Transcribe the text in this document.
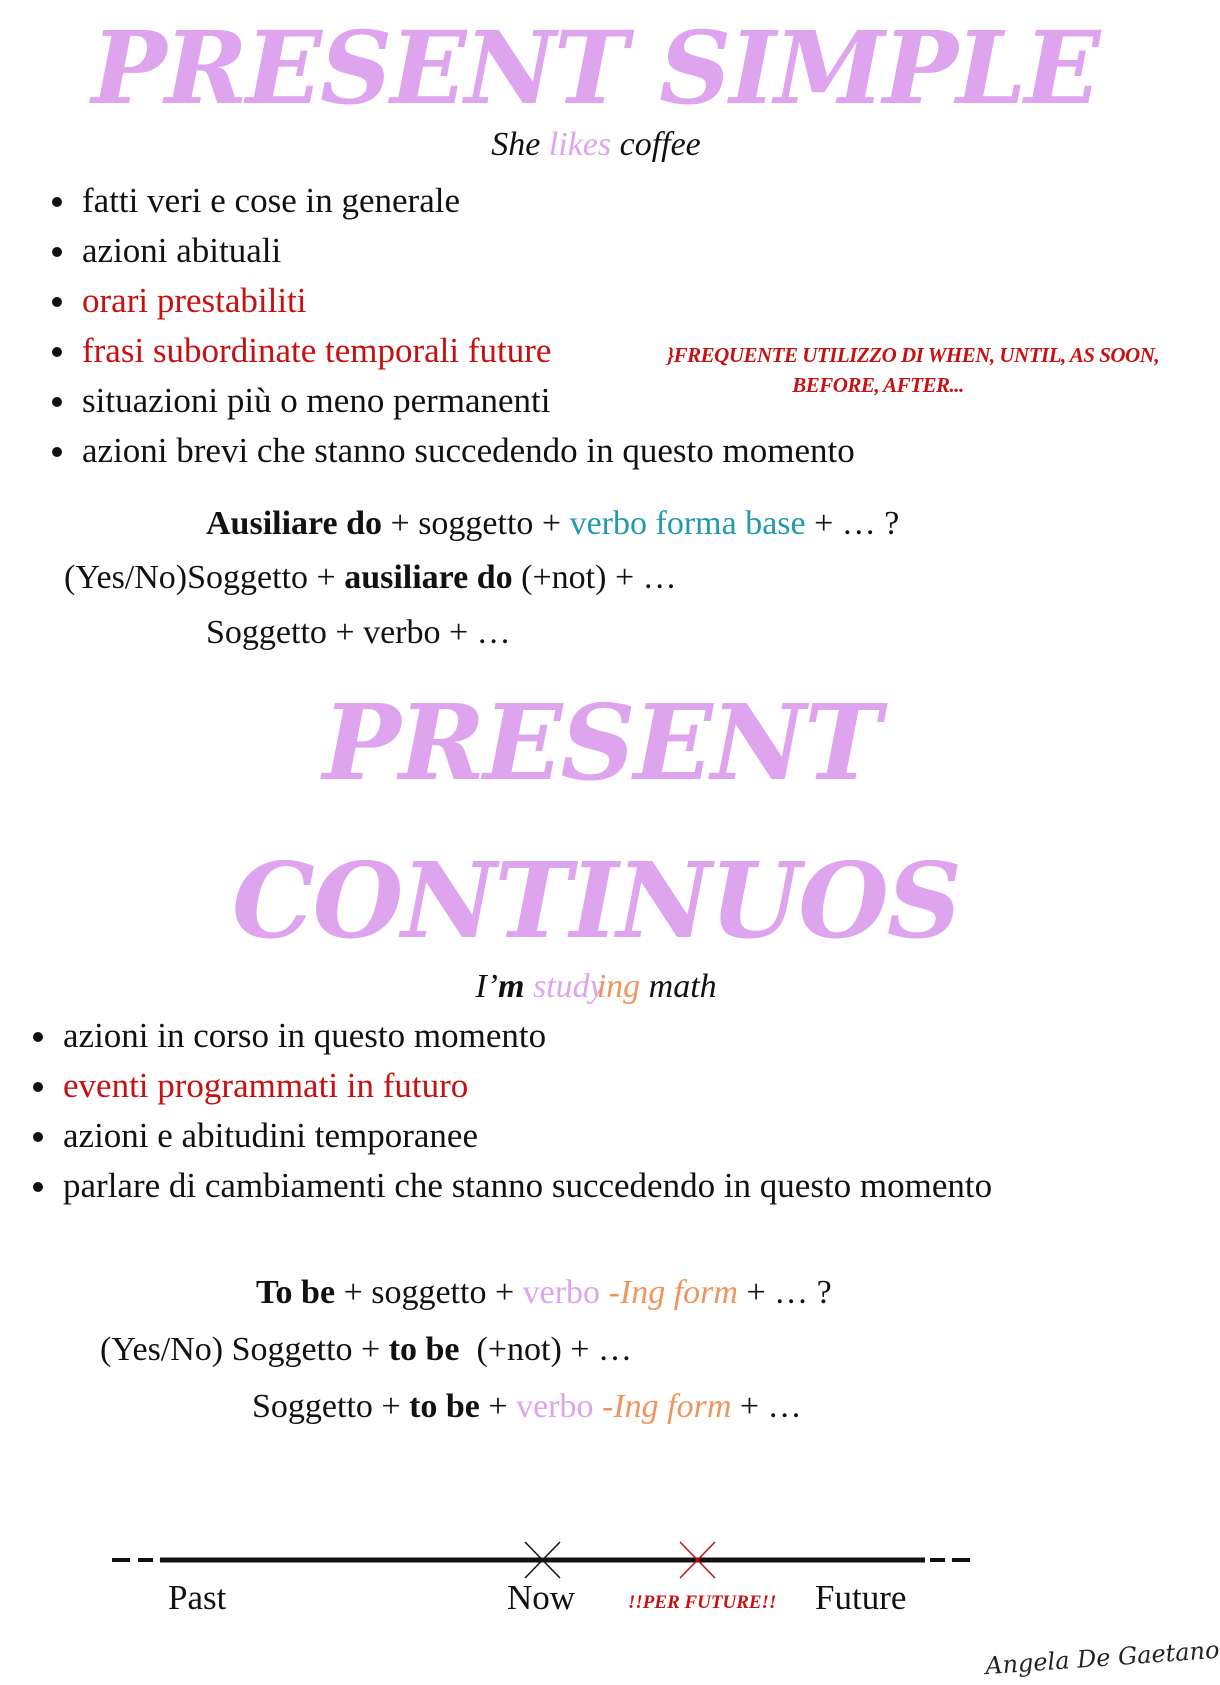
PRESENT SIMPLE
She likes coffee
fatti veri e cose in generale
azioni abituali
orari prestabiliti
frasi subordinate temporali future
situazioni più o meno permanenti
azioni brevi che stanno succedendo in questo momento
}FREQUENTE UTILIZZO DI WHEN, UNTIL, AS SOON,
BEFORE, AFTER...
Ausiliare do + soggetto + verbo forma base + … ?
(Yes/No)Soggetto + ausiliare do (+not) + …
Soggetto + verbo + …
PRESENT
CONTINUOS
I’m studying math
azioni in corso in questo momento
eventi programmati in futuro
azioni e abitudini temporanee
parlare di cambiamenti che stanno succedendo in questo momento
To be + soggetto + verbo -Ing form + … ?
(Yes/No) Soggetto + to be  (+not) + …
Soggetto + to be + verbo -Ing form + …
Past	Now	!!PER FUTURE!! Future
Angela De Gaetano
